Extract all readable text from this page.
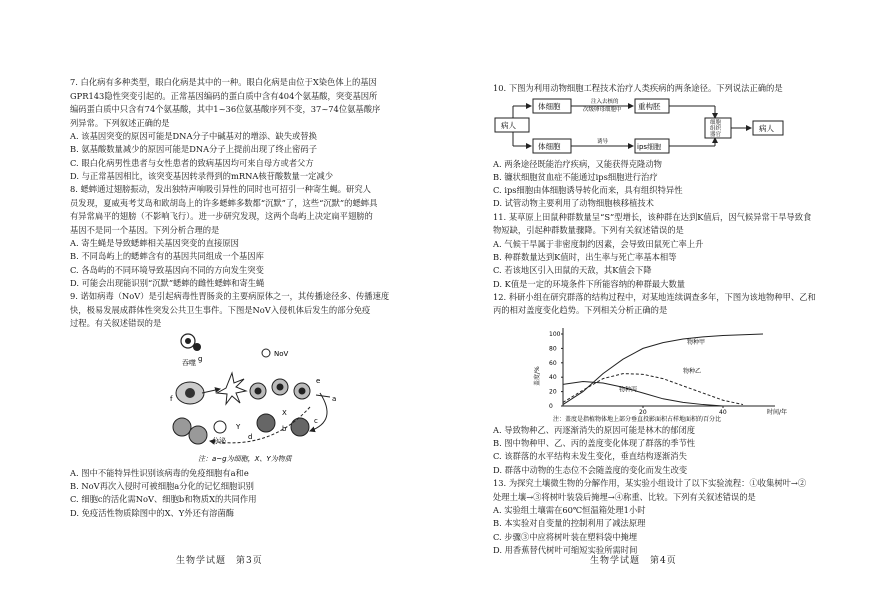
7. 白化病有多种类型，眼白化病是其中的一种。眼白化病是由位于X染色体上的基因

GPR143隐性突变引起的。正常基因编码的蛋白质中含有404个氨基酸，突变基因所

编码蛋白质中只含有74个氨基酸，其中1~36位氨基酸序列不变，37~74位氨基酸序

列异常。下列叙述正确的是

A. 该基因突变的原因可能是DNA分子中碱基对的增添、缺失或替换

B. 氨基酸数量减少的原因可能是DNA分子上提前出现了终止密码子

C. 眼白化病男性患者与女性患者的致病基因均可来自母方或者父方

D. 与正常基因相比，该突变基因转录得到的mRNA核苷酸数量一定减少

8. 蟋蟀通过翅膀振动，发出独特声响吸引异性的同时也可招引一种寄生蝇。研究人

员发现，夏威夷考艾岛和欧胡岛上的许多蟋蟀多数都“沉默”了，这些“沉默”的蟋蟀具

有异常扁平的翅膀（不影响飞行）。进一步研究发现，这两个岛屿上决定扁平翅膀的

基因不是同一个基因。下列分析合理的是

A. 寄生蝇是导致蟋蟀相关基因突变的直接原因

B. 不同岛屿上的蟋蟀含有的基因共同组成一个基因库

C. 各岛屿的不同环境导致基因向不同的方向发生突变

D. 可能会出现能识别“沉默”蟋蟀的雌性蟋蟀和寄生蝇

9. 诺如病毒（NoV）是引起病毒性胃肠炎的主要病原体之一，其传播途径多、传播速度

快，极易发展成群体性突发公共卫生事件。下图是NoV入侵机体后发生的部分免疫

过程。有关叙述错误的是

吞噬 g
NoV
f
e
a
分泌
Y	b
X
c
d
注：a~g为细胞，X、Y为物质

A. 图中不能特异性识别该病毒的免疫细胞有a和e

B. NoV再次入侵时可被细胞a分化的记忆细胞识别

C. 细胞c的活化需NoV、细胞b和物质X的共同作用

D. 免疫活性物质除图中的X、Y外还有溶菌酶

生物学试题　第3页

10. 下图为利用动物细胞工程技术治疗人类疾病的两条途径。下列说法正确的是

病人
体细胞	注入去核的
次级卵母细胞中 重构胚
体细胞	诱导
ips细胞
细胞
组织
器官
病人

A. 两条途径既能治疗疾病，又能获得克隆动物

B. 镰状细胞贫血症不能通过ips细胞进行治疗

C. ips细胞由体细胞诱导转化而来，具有组织特异性

D. 试管动物主要利用了动物细胞核移植技术

11. 某草原上田鼠种群数量呈“S”型增长，该种群在达到K值后，因气候异常干旱导致食

物短缺，引起种群数量骤降。下列有关叙述错误的是

A. 气候干旱属于非密度制约因素，会导致田鼠死亡率上升

B. 种群数量达到K值时，出生率与死亡率基本相等

C. 若该地区引入田鼠的天敌，其K值会下降

D. K值是一定的环境条件下所能容纳的种群最大数量

12. 科研小组在研究群落的结构过程中，对某地连续调查多年，下图为该地物种甲、乙和

丙的相对盖度变化趋势。下列相关分析正确的是

0
20
40
60
80
100
20	40	时间/年
盖度/%
物种甲
物种乙
物种丙
注：盖度是指植物体地上部分垂直投影面积占样地面积的百分比

A. 导致物种乙、丙逐渐消失的原因可能是林木的郁闭度

B. 图中物种甲、乙、丙的盖度变化体现了群落的季节性

C. 该群落的水平结构未发生变化，垂直结构逐渐消失

D. 群落中动物的生态位不会随盖度的变化而发生改变

13. 为探究土壤微生物的分解作用，某实验小组设计了以下实验流程：①收集树叶→②

处理土壤→③将树叶装袋后掩埋→④称重、比较。下列有关叙述错误的是

A. 实验组土壤需在60℃恒温箱处理1小时

B. 本实验对自变量的控制利用了减法原理

C. 步骤③中应将树叶装在塑料袋中掩埋

D. 用香蕉替代树叶可缩短实验所需时间

生物学试题　第4页
